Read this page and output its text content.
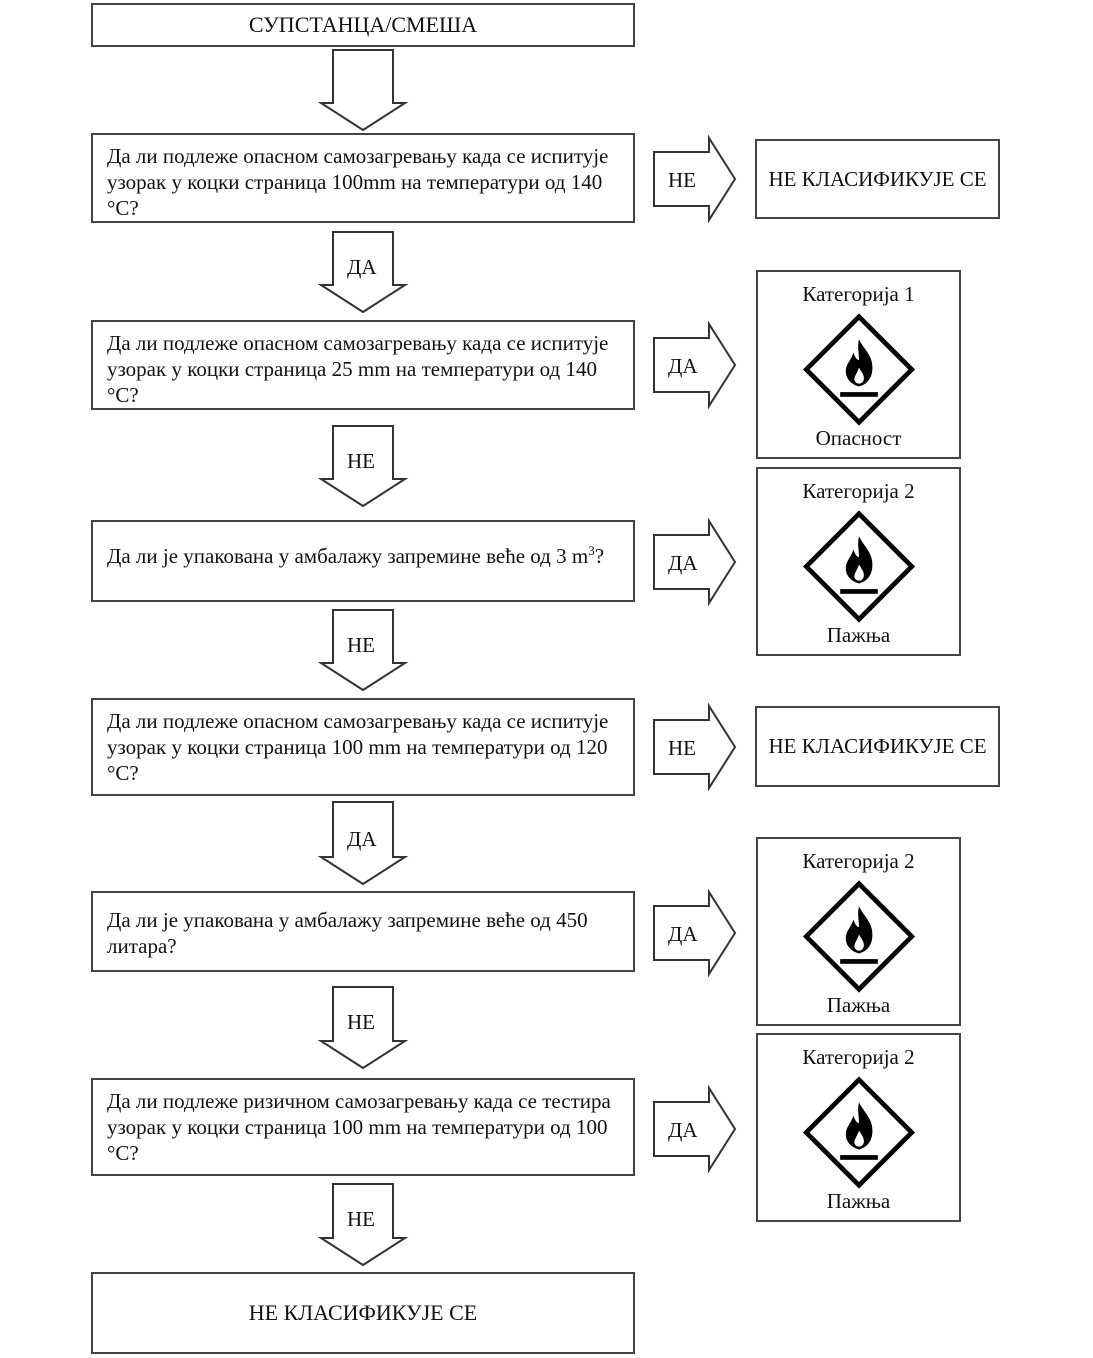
ДА
НЕ
НЕ
ДА
НЕ
НЕ
НЕ
ДА
ДА
НЕ
ДА
ДА
СУПСТАНЦА/СМЕША
Да ли подлеже опасном самозагревању када се испитује узорак у коцки страница 100mm на температури од 140 °C?
Да ли подлеже опасном самозагревању када се испитује узорак у коцки страница 25 mm на температури од 140 °C?
Да ли је упакована у амбалажу запремине веће од 3 $m^3$?
Да ли подлеже опасном самозагревању када се испитује узорак у коцки страница 100 mm на температури од 120 °C?
Да ли је упакована у амбалажу запремине веће од 450 литара?
Да ли подлеже ризичном самозагревању када се тестира узорак у коцки страница 100 mm на температури од 100 °C?
НЕ КЛАСИФИКУЈЕ СЕ
НЕ КЛАСИФИКУЈЕ СЕ
Категорија 1
Опасност
Категорија 2
Пажња
Категорија 2
Пажња
Категорија 2
Пажња
НЕ КЛАСИФИКУЈЕ СЕ
